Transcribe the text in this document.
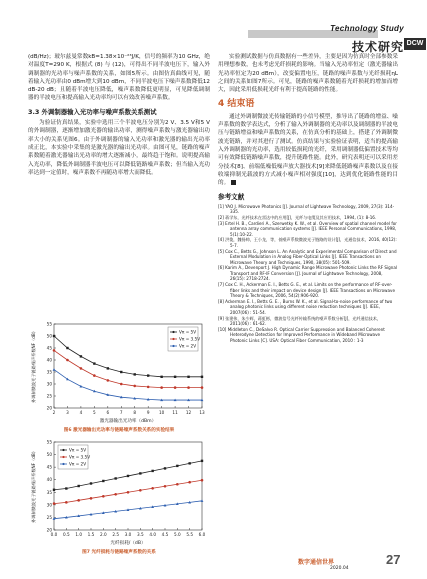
Technology Study
技术研究 DCW

(dB/Hz)；玻尔兹曼常数kB=1.38×10⁻²³J/K，信号的频率为10 GHz，绝对温度T=290 K，根据式 (8) 与 (12)，可得出不同半波电压下，输入外调制器的光功率与噪声系数的关系，如图5所示。由图仿真曲线可见，随着输入光功率由0 dBm增大到10 dBm，不同半波电压下噪声系数降低12 dB-20 dB；且随着半波电压降低，噪声系数降低更明显，可见降低调制器的半波电压和提高输入光功率均可以有效改善噪声系数。

3.3 外调制器输入光功率与噪声系数关系测试

为验证仿真结果，实验中选用三个半波电压分别为2 V、3.5 V和5 V的外调制器，逐渐增加激光器的输出功率，测得噪声系数与激光器输出功率大小的关系见图6。由于外调制器的输入光功率和激光器的输出光功率成正比，本实验中采集的是激光器的输出光功率。由图可见，链路的噪声系数随着激光器输出光功率的增大逐渐减小，最终趋于饱和。说明提高输入光功率，降低外调制器半波电压可以降低链路噪声系数；但当输入光功率达到一定值时，噪声系数不再随功率增大而降低。

2	3	4	5	6	7	8	9 10 11 12 13
20
25
30
35
40
45
50
55
激光器输出光功率（dBm）
外调制微波光子链路噪声系数NF（dB）	Vπ = 5V
Vπ = 3.5V
Vπ = 2V
图6 激光器输出光功率与链路噪声系数关系的实验结果
0.0 0.5 1.0 1.5 2.0 2.5 3.0 3.5 4.0 4.5 5.0 5.5 6.0
20
25
30
35
40
45
50
55
光纤损耗/（dB）
外调制微波光子链路噪声系数NF（dB）	Vπ = 5V
Vπ = 3.5V
Vπ = 2V
图7 光纤损耗与链路噪声系数的关系

实验测试数据与仿真数据有一些差异，主要是因为仿真时全部参数采用理想参数，也未考虑光纤损耗的影响。当输入光功率恒定（激光器输出光功率恒定为20 dBm），改变偏置电压，链路的噪声系数与光纤损耗ηL之间的关系如图7所示。可见，链路的噪声系数随着光纤损耗的增加而增大，因此采用低损耗光纤有利于提高链路的性能。

4 结束语

通过外调制微波光传输链路的小信号模型，推导出了链路的增益、噪声系数的数学表达式，分析了输入外调制器的光功率以及调制器的半波电压与链路增益和噪声系数的关系，在仿真分析的基础上，搭建了外调制微波光链路，并对其进行了测试。仿真结果与实验验证表明，适当的提高输入外调制器的光功率，选用较低损耗的光纤，采用调制器低偏置技术等均可有效降低链路噪声系数，提升链路性能。此外，研究表明还可以采用差分技术[8]、前端低噪低噪声放大器技术[9]来降低链路噪声系数以及在接收端抑制光载波的方式减小噪声相对强度[10]，达到优化链路性能的目的。

参考文献
[1] YAO J. Microwave Photonics [J]. Journal of Lightwave Technology, 2009, 27(3): 314-335.
[2] 蒋学东，光纤技术在雷达中的应用[J]，光纤与电缆及其应用技术，1994, (1): 8-16.
[3] Ertel H. B., Cardieri A., Szerwetky K. W., et al. Overview of spatial channel model for antenna array communication systems [J]. IEEE Personal Communications, 1998, 5(1):10-22.
[4] 洪俊，魏扬帅，王小龙，等，低噪声系数微波光子链路的设计[J]，光通信技术，2016, 40(12): 5-7.
[5] Cox C., Betts G., Johnson L. An Analytic and Experimental Comparison of Direct and External Modulation in Analog Fiber-Optical Links [J]. IEEE Transactions on Microwave Theory and Techniques, 1990, 38(05): 501-509.
[6] Karim A., Devenport J. High Dynamic Range Microwave Photonic Links the RF Signal Transport and RF-IF Conversion [J]. Journal of Lightwave Technology, 2008, 26(15): 2718-2724.
[7] Cox C. H., Ackerman E. I., Betts G. E., et al. Limits on the performance of RF-over-fiber links and their impact on device design [J]. IEEE Transactions on Microwave Theory & Techniques, 2006, 54(2):906-920.
[8] Ackerman E. I., Betts G. E. , Burns W. K., et al. Signal-to-noise performance of two analog photonic links using different noise reduction techniques [J]. IEEE, 2007(06) : 51-54.
[9] 张建伟，朱少辉，蒋虹彬，微波信号光纤传输系统的噪声系数分析[J]，光纤通信技术，2011(06) : 61-62.
[10] Middleton C., DeSalvo R. Optical Carrier Suppression and Balanced Coherent Heterodyne Detection for Improved Performance in Wideband Microwave Photonic Links [C]. USA: Optical Fiber Communication, 2010 : 1-3
数字通信世界
2020.04
27
